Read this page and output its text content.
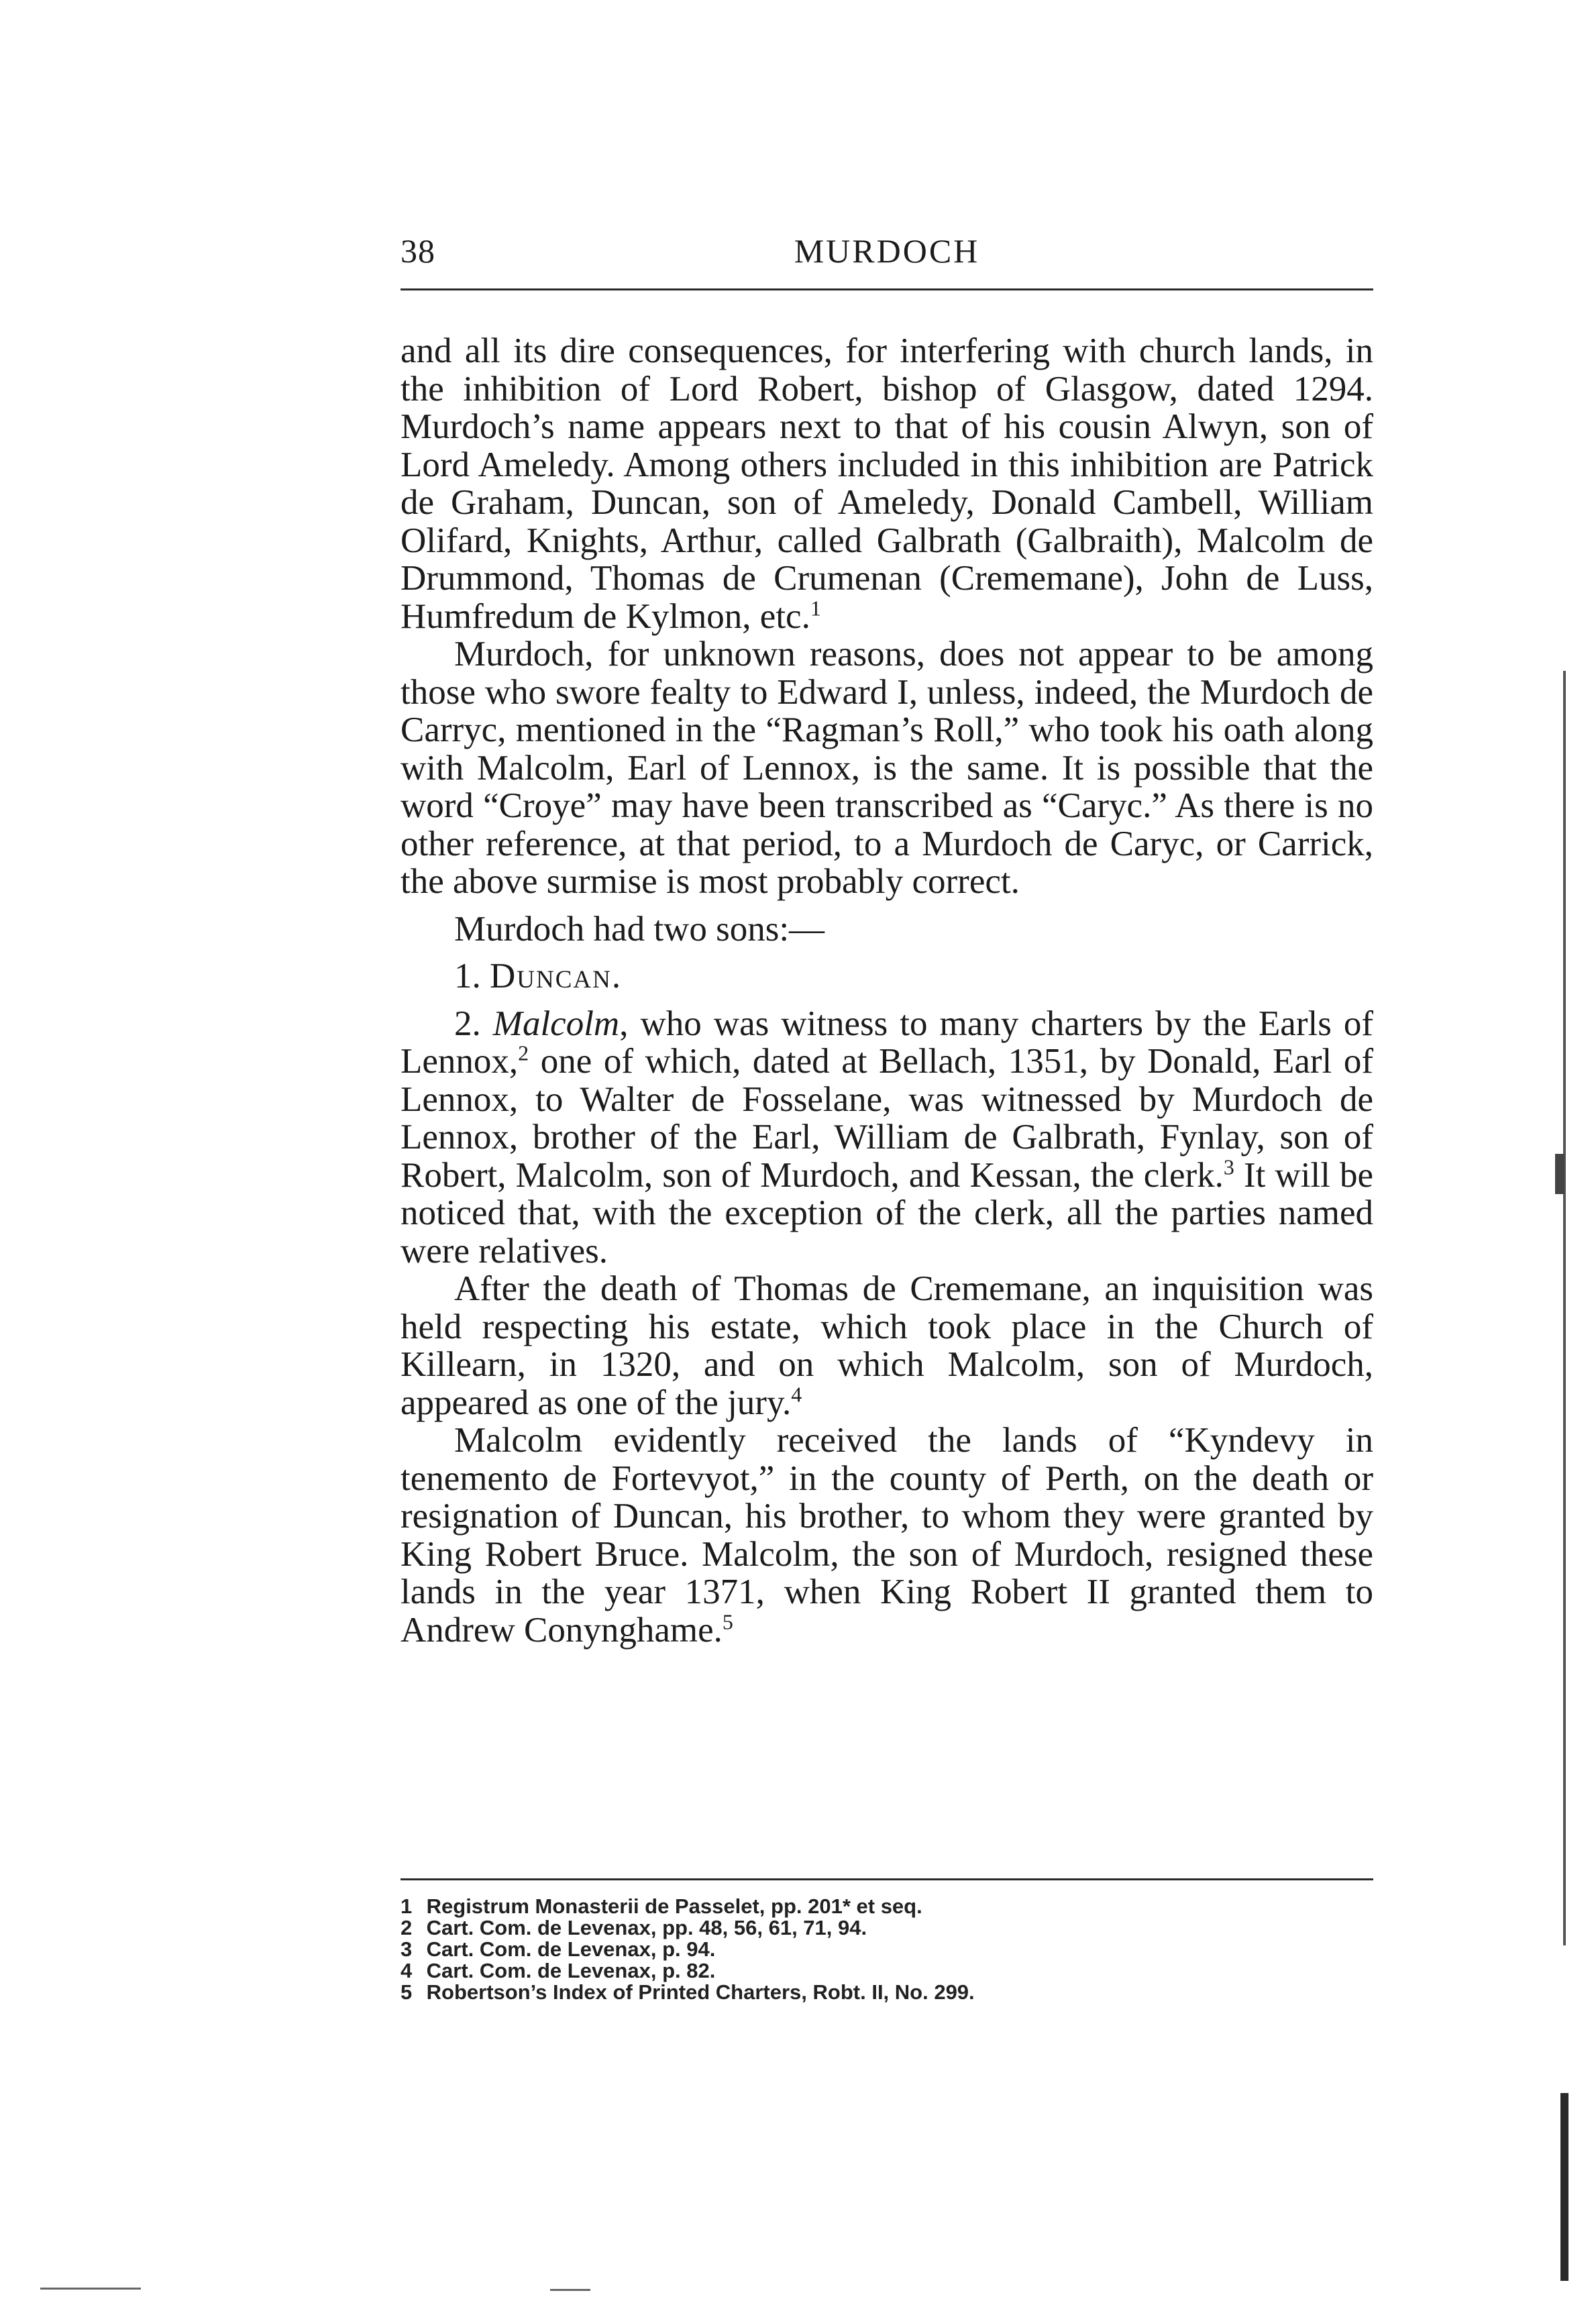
38	MURDOCH

and all its dire consequences, for interfering with church lands, in the inhibition of Lord Robert, bishop of Glasgow, dated 1294. Murdoch’s name appears next to that of his cousin Alwyn, son of Lord Ameledy. Among others included in this inhibition are Patrick de Graham, Duncan, son of Ameledy, Donald Cambell, William Olifard, Knights, Arthur, called Galbrath (Galbraith), Malcolm de Drummond, Thomas de Crumenan (Crememane), John de Luss, Humfredum de Kylmon, etc.$^1$

Murdoch, for unknown reasons, does not appear to be among those who swore fealty to Edward I, unless, indeed, the Murdoch de Carryc, mentioned in the “Ragman’s Roll,” who took his oath along with Malcolm, Earl of Lennox, is the same. It is possible that the word “Croye” may have been transcribed as “Caryc.” As there is no other reference, at that period, to a Murdoch de Caryc, or Carrick, the above surmise is most probably correct.

Murdoch had two sons:—

1. Duncan.

2. Malcolm, who was witness to many charters by the Earls of Lennox,$^2$ one of which, dated at Bellach, 1351, by Donald, Earl of Lennox, to Walter de Fosselane, was witnessed by Murdoch de Lennox, brother of the Earl, William de Galbrath, Fynlay, son of Robert, Malcolm, son of Murdoch, and Kessan, the clerk.$^3$ It will be noticed that, with the exception of the clerk, all the parties named were relatives.

After the death of Thomas de Crememane, an inquisition was held respecting his estate, which took place in the Church of Killearn, in 1320, and on which Malcolm, son of Murdoch, appeared as one of the jury.$^4$

Malcolm evidently received the lands of “Kyndevy in tenemento de Fortevyot,” in the county of Perth, on the death or resignation of Duncan, his brother, to whom they were granted by King Robert Bruce. Malcolm, the son of Murdoch, resigned these lands in the year 1371, when King Robert II granted them to Andrew Conynghame.$^5$

1 Registrum Monasterii de Passelet, pp. 201* et seq.
2 Cart. Com. de Levenax, pp. 48, 56, 61, 71, 94.
3 Cart. Com. de Levenax, p. 94.
4 Cart. Com. de Levenax, p. 82.
5 Robertson’s Index of Printed Charters, Robt. II, No. 299.
